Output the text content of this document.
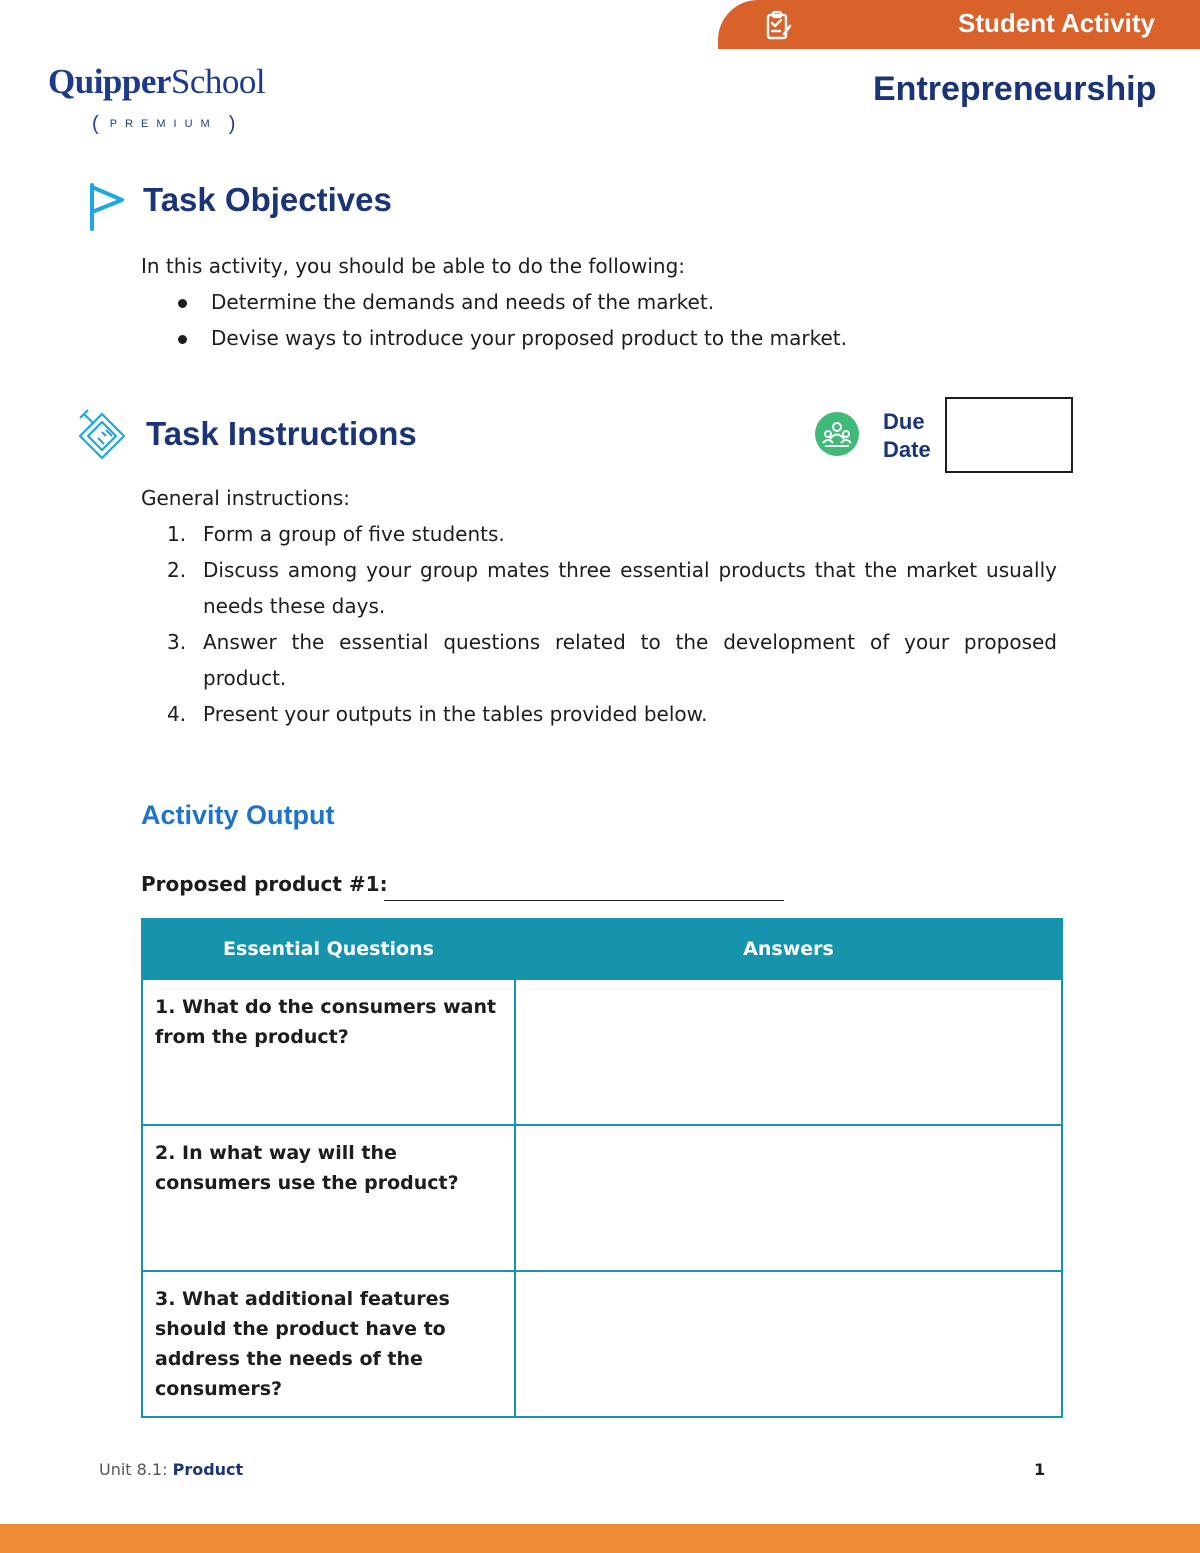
Student Activity
QuipperSchool
( PREMIUM )
Entrepreneurship
Task Objectives
In this activity, you should be able to do the following:
Determine the demands and needs of the market.
Devise ways to introduce your proposed product to the market.
Task Instructions	Due Date
General instructions:
1. Form a group of five students.
2. Discuss among your group mates three essential products that the market usually needs these days.
3. Answer the essential questions related to the development of your proposed product.
4. Present your outputs in the tables provided below.
Activity Output
Proposed product #1:
Essential Questions	Answers
1. What do the consumers want from the product?	
2. In what way will the consumers use the product?	
3. What additional features should the product have to address the needs of the consumers?	
Unit 8.1: Product	1
